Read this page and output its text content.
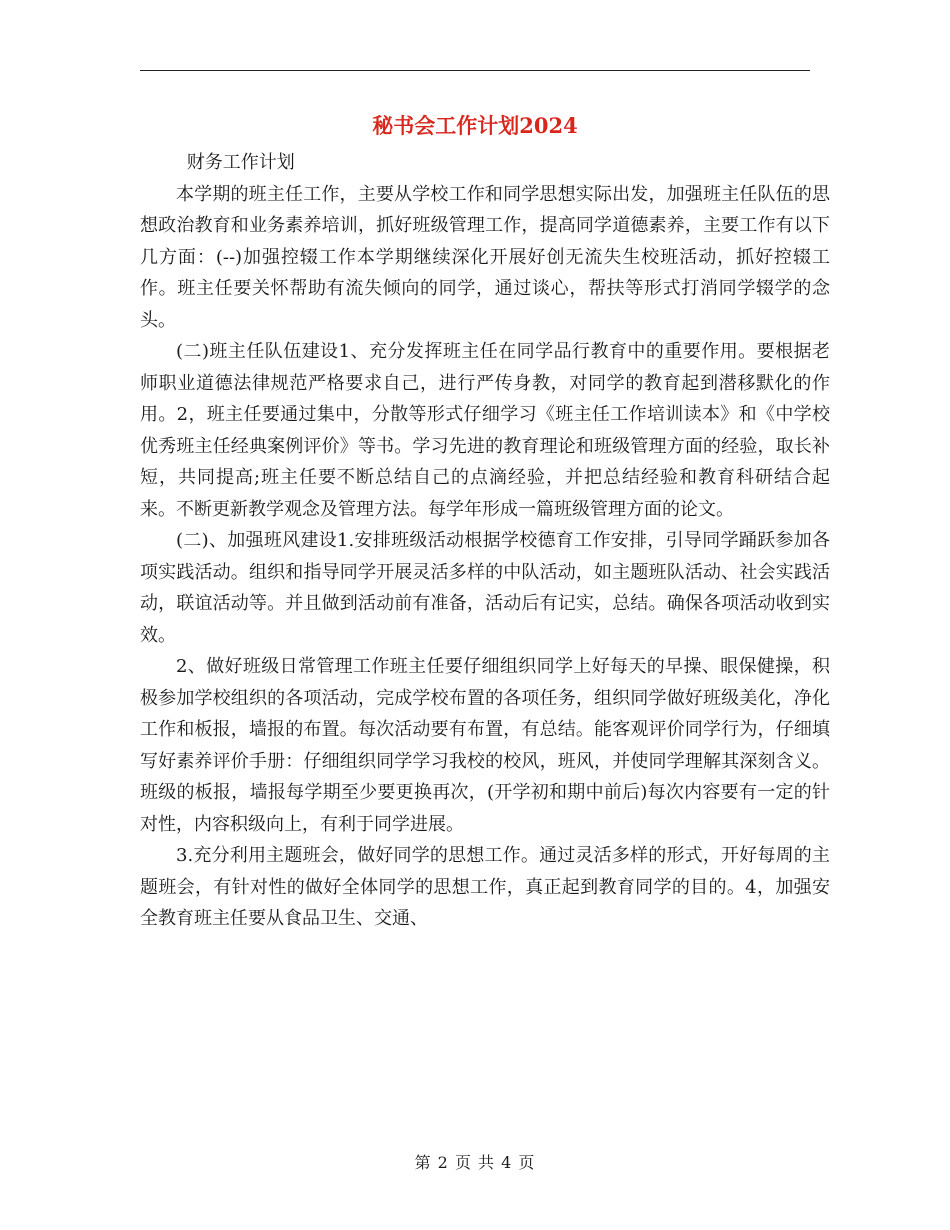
秘书会工作计划2024

财务工作计划

本学期的班主任工作，主要从学校工作和同学思想实际出发，加强班主任队伍的思想政治教育和业务素养培训，抓好班级管理工作，提高同学道德素养，主要工作有以下几方面：(--)加强控辍工作本学期继续深化开展好创无流失生校班活动，抓好控辍工作。班主任要关怀帮助有流失倾向的同学，通过谈心，帮扶等形式打消同学辍学的念头。

(二)班主任队伍建设1、充分发挥班主任在同学品行教育中的重要作用。要根据老师职业道德法律规范严格要求自己，进行严传身教，对同学的教育起到潜移默化的作用。2，班主任要通过集中，分散等形式仔细学习《班主任工作培训读本》和《中学校优秀班主任经典案例评价》等书。学习先进的教育理论和班级管理方面的经验，取长补短，共同提高;班主任要不断总结自己的点滴经验，并把总结经验和教育科研结合起来。不断更新教学观念及管理方法。每学年形成一篇班级管理方面的论文。

(二)、加强班风建设1.安排班级活动根据学校德育工作安排，引导同学踊跃参加各项实践活动。组织和指导同学开展灵活多样的中队活动，如主题班队活动、社会实践活动，联谊活动等。并且做到活动前有准备，活动后有记实，总结。确保各项活动收到实效。

2、做好班级日常管理工作班主任要仔细组织同学上好每天的早操、眼保健操，积极参加学校组织的各项活动，完成学校布置的各项任务，组织同学做好班级美化，净化工作和板报，墙报的布置。每次活动要有布置，有总结。能客观评价同学行为，仔细填写好素养评价手册：仔细组织同学学习我校的校风，班风，并使同学理解其深刻含义。班级的板报，墙报每学期至少要更换再次，(开学初和期中前后)每次内容要有一定的针对性，内容积级向上，有利于同学进展。

3.充分利用主题班会，做好同学的思想工作。通过灵活多样的形式，开好每周的主题班会，有针对性的做好全体同学的思想工作，真正起到教育同学的目的。4，加强安全教育班主任要从食品卫生、交通、

第 2 页 共 4 页
